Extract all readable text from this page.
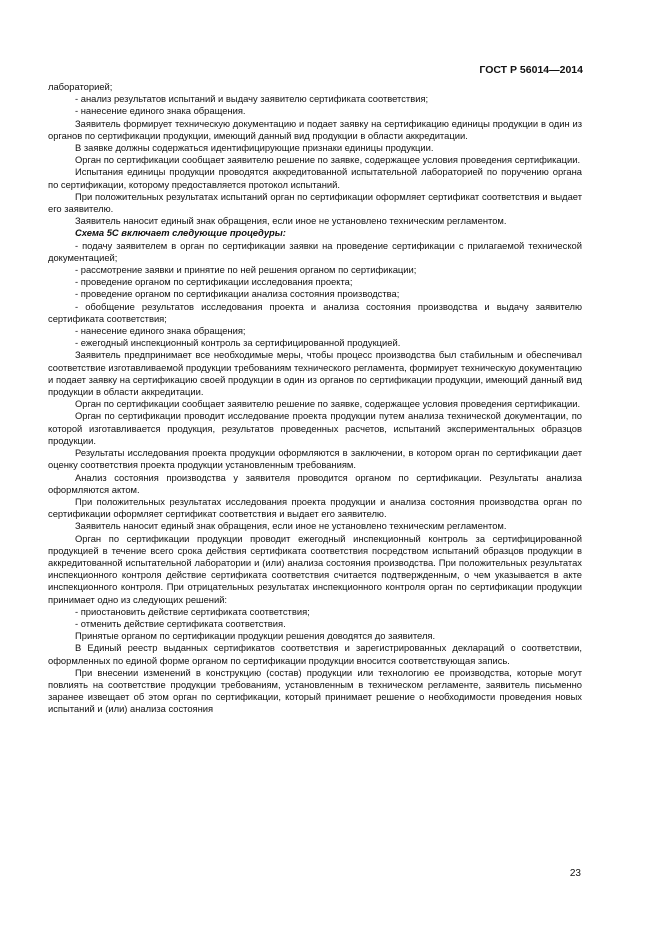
ГОСТ Р 56014—2014

лабораторией;

- анализ результатов испытаний и выдачу заявителю сертификата соответствия;

- нанесение единого знака обращения.

Заявитель формирует техническую документацию и подает заявку на сертификацию единицы продукции в один из органов по сертификации продукции, имеющий данный вид продукции в области аккредитации.

В заявке должны содержаться идентифицирующие признаки единицы продукции.

Орган по сертификации сообщает заявителю решение по заявке, содержащее условия проведения сертификации.

Испытания единицы продукции проводятся аккредитованной испытательной лабораторией по поручению органа по сертификации, которому предоставляется протокол испытаний.

При положительных результатах испытаний орган по сертификации оформляет сертификат соответствия и выдает его заявителю.

Заявитель наносит единый знак обращения, если иное не установлено техническим регламентом.

Схема 5С включает следующие процедуры:

- подачу заявителем в орган по сертификации заявки на проведение сертификации с прилагаемой технической документацией;

- рассмотрение заявки и принятие по ней решения органом по сертификации;

- проведение органом по сертификации исследования проекта;

- проведение органом по сертификации анализа состояния производства;

- обобщение результатов исследования проекта и анализа состояния производства и выдачу заявителю сертификата соответствия;

- нанесение единого знака обращения;

- ежегодный инспекционный контроль за сертифицированной продукцией.

Заявитель предпринимает все необходимые меры, чтобы процесс производства был стабильным и обеспечивал соответствие изготавливаемой продукции требованиям технического регламента, формирует техническую документацию и подает заявку на сертификацию своей продукции в один из органов по сертификации продукции, имеющий данный вид продукции в области аккредитации.

Орган по сертификации сообщает заявителю решение по заявке, содержащее условия проведения сертификации.

Орган по сертификации проводит исследование проекта продукции путем анализа технической документации, по которой изготавливается продукция, результатов проведенных расчетов, испытаний экспериментальных образцов продукции.

Результаты исследования проекта продукции оформляются в заключении, в котором орган по сертификации дает оценку соответствия проекта продукции установленным требованиям.

Анализ состояния производства у заявителя проводится органом по сертификации. Результаты анализа оформляются актом.

При положительных результатах исследования проекта продукции и анализа состояния производства орган по сертификации оформляет сертификат соответствия и выдает его заявителю.

Заявитель наносит единый знак обращения, если иное не установлено техническим регламентом.

Орган по сертификации продукции проводит ежегодный инспекционный контроль за сертифицированной продукцией в течение всего срока действия сертификата соответствия посредством испытаний образцов продукции в аккредитованной испытательной лаборатории и (или) анализа состояния производства. При положительных результатах инспекционного контроля действие сертификата соответствия считается подтвержденным, о чем указывается в акте инспекционного контроля. При отрицательных результатах инспекционного контроля орган по сертификации продукции принимает одно из следующих решений:

- приостановить действие сертификата соответствия;

- отменить действие сертификата соответствия.

Принятые органом по сертификации продукции решения доводятся до заявителя.

В Единый реестр выданных сертификатов соответствия и зарегистрированных деклараций о соответствии, оформленных по единой форме органом по сертификации продукции вносится соответствующая запись.

При внесении изменений в конструкцию (состав) продукции или технологию ее производства, которые могут повлиять на соответствие продукции требованиям, установленным в техническом регламенте, заявитель письменно заранее извещает об этом орган по сертификации, который принимает решение о необходимости проведения новых испытаний и (или) анализа состояния

23
